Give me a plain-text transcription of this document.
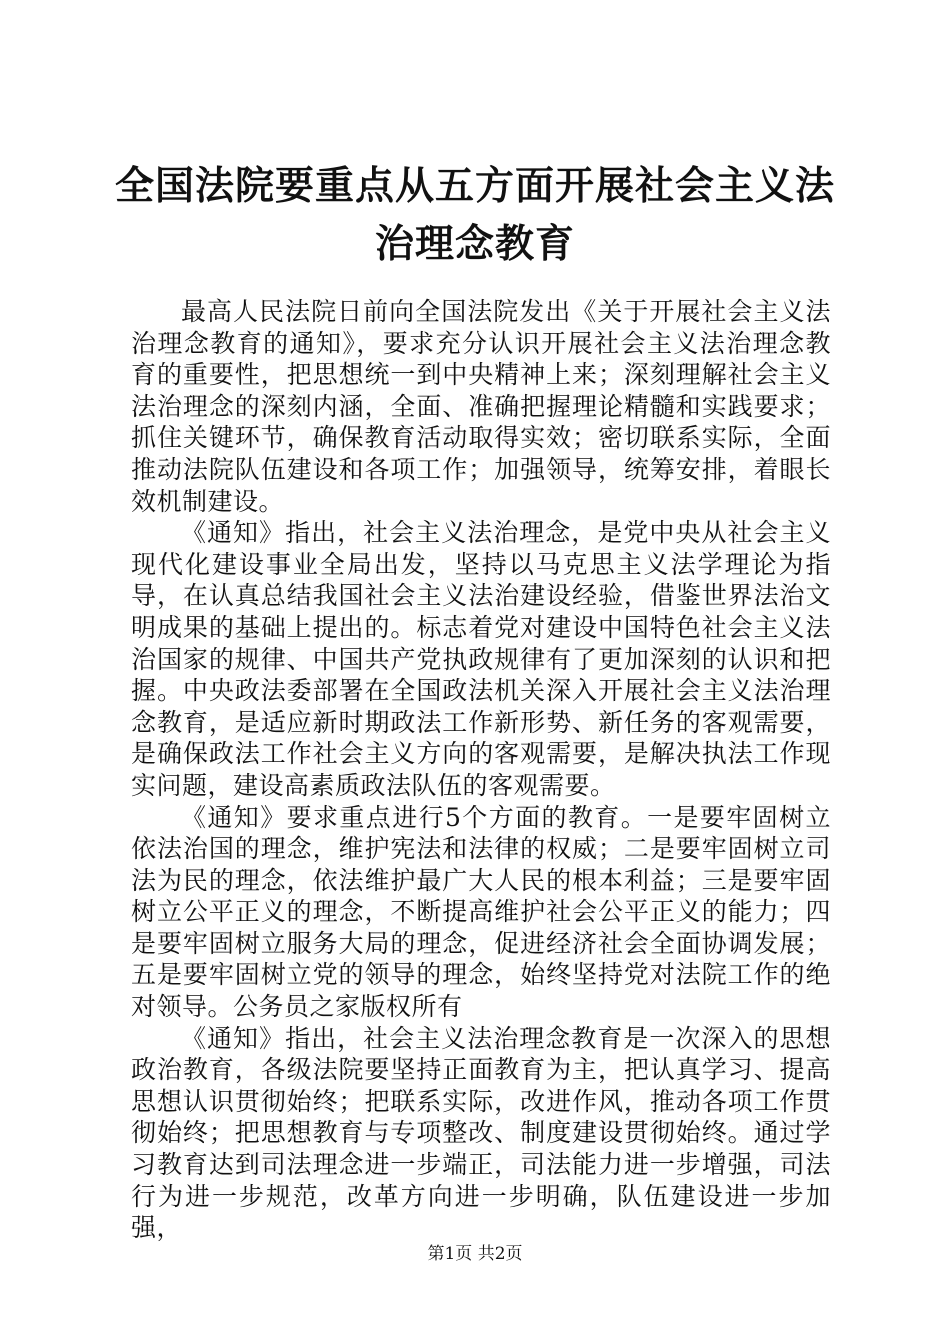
全国法院要重点从五方面开展社会主义法治理念教育

最高人民法院日前向全国法院发出《关于开展社会主义法治理念教育的通知》，要求充分认识开展社会主义法治理念教育的重要性，把思想统一到中央精神上来；深刻理解社会主义法治理念的深刻内涵，全面、准确把握理论精髓和实践要求；抓住关键环节，确保教育活动取得实效；密切联系实际，全面推动法院队伍建设和各项工作；加强领导，统筹安排，着眼长效机制建设。

《通知》指出，社会主义法治理念，是党中央从社会主义现代化建设事业全局出发，坚持以马克思主义法学理论为指导，在认真总结我国社会主义法治建设经验，借鉴世界法治文明成果的基础上提出的。标志着党对建设中国特色社会主义法治国家的规律、中国共产党执政规律有了更加深刻的认识和把握。中央政法委部署在全国政法机关深入开展社会主义法治理念教育，是适应新时期政法工作新形势、新任务的客观需要，是确保政法工作社会主义方向的客观需要，是解决执法工作现实问题，建设高素质政法队伍的客观需要。

《通知》要求重点进行5个方面的教育。一是要牢固树立依法治国的理念，维护宪法和法律的权威；二是要牢固树立司法为民的理念，依法维护最广大人民的根本利益；三是要牢固树立公平正义的理念，不断提高维护社会公平正义的能力；四是要牢固树立服务大局的理念，促进经济社会全面协调发展；五是要牢固树立党的领导的理念，始终坚持党对法院工作的绝对领导。公务员之家版权所有

《通知》指出，社会主义法治理念教育是一次深入的思想政治教育，各级法院要坚持正面教育为主，把认真学习、提高思想认识贯彻始终；把联系实际，改进作风，推动各项工作贯彻始终；把思想教育与专项整改、制度建设贯彻始终。通过学习教育达到司法理念进一步端正，司法能力进一步增强，司法行为进一步规范，改革方向进一步明确，队伍建设进一步加强，

第1页 共2页
